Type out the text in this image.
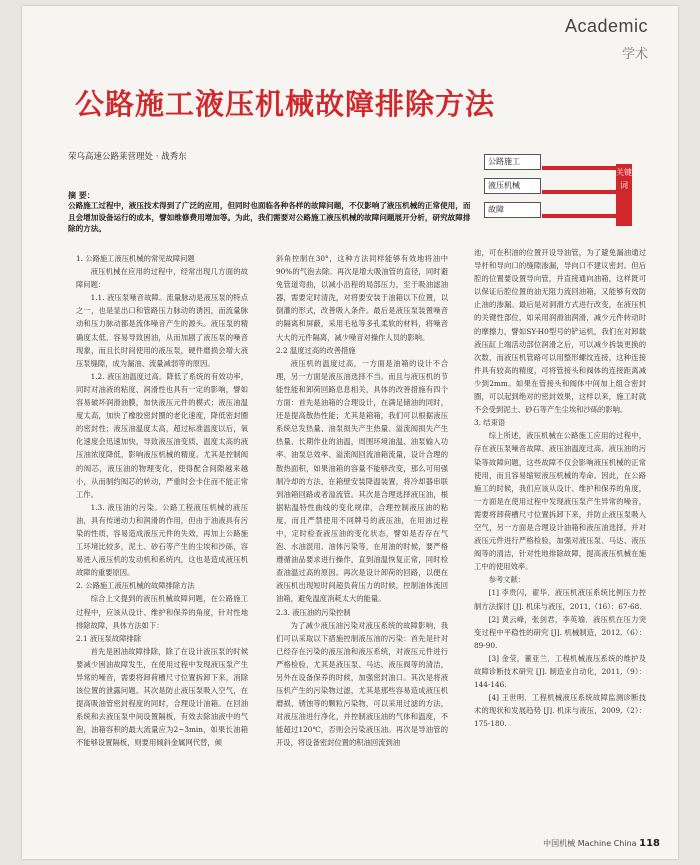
Academic
学术
公路施工液压机械故障排除方法
荣乌高速公路莱营理处 · 战秀东	公路施工
液压机械
故障
关键词
摘 要：
公路施工过程中，液压技术得到了广泛的应用，但同时也面临各种各样的故障问题，不仅影响了液压机械的正常使用，而且会增加设备运行的成本，譬如维修费用增加等。为此，我们需要对公路施工液压机械的故障问题展开分析，研究故障排除的方法。

1. 公路施工液压机械的常见故障问题

液压机械在应用的过程中，经常出现几方面的故障问题：

1.1. 液压泵噪音故障。流量脉动是液压泵的特点之一，也是显出口和管路压力脉动的诱因，而流量脉动和压力脉动都是流体噪音产生的源头。液压泵的精确度太低、容易导致困油，从而加剧了液压泵的噪音现象，而且长时间使用的液压泵，硬件磨损会增大液压泵缝隙，成为漏油、流量减弱等的原因。

1.2. 液压油温度过高。降低了系统的有效功率，同时对油液的粘度、润滑性也具有一定的影响，譬如容易破坏润滑油膜，加快液压元件的模式；液压油温度太高，加快了橡胶密封圈的老化速度，降低密封圈的密封性；液压油温度太高，超过标准温度以后，氧化速度会迅速加快，导致液压油变质，温度太高的液压油浓度降低，影响液压机械的精度。尤其是控制阀的阀芯，液压油的物理变化，使得配合间隙越来越小，从而制约阀芯的转动，严重时会卡住而不能正常工作。

1.3. 液压油的污染。公路工程液压机械的液压油，具有传递动力和润滑的作用，但由于油液具有污染的性质，容易造成液压元件的失效，再加上公路施工环境比较多，泥土、砂石等产生的尘埃和沙砾，容易进入液压机的发动机和系统内，这也是造成液压机故障的重要原因。

2. 公路施工液压机械的故障排除方法

综合上文提到的液压机械故障问题，在公路施工过程中，应该从设计、维护和保养的角度，针对性地排除故障，具体方法如下：

2.1 液压泵故障排除

首先是困油故障排除，除了在设计液压泵的时候要减少困油故障发生，在使用过程中发现液压泵产生异常的噪音，需要将卸荷槽尺寸位置拆卸下来，消除该位置的泄露问题。其次是防止液压泵吸入空气，在提高吸油管密封程度的同时，合理设计油箱。在回油系统和去液压泵中间设置隔板，有效去除油液中的气泡，油箱容积的最大流量应为2~3min，如果长油箱不能够设置隔板，则要用倾斜金属网代替，倾

斜角控制在30°，这种方法同样能够有效地将油中90%的气泡去除。再次是增大吸油管的直径，同时避免管道弯曲，以减小沿程的局部压力，至于吸油滤油器，需要定时清洗，对将要安装于油箱以下位置，以倒灌的形式，改善吸入条件。最后是液压泵装置噪音的隔离和屏蔽，采用毛毡等多孔柔软的材料，将噪音大大的元件隔离，减少噪音对操作人员的影响。

2.2 温度过高的改善措施

液压机的温度过高，一方面是油箱的设计不合理，另一方面是液压油选择不当。而且与液压机的节能性能和卸荷回路息息相关，具体的改善措施有四个方面：首先是油箱的合理设计，在满足储油的同时，还是提高散热性能；尤其是箱箱，我们可以根据液压系统总发热量、油泵损失产生热量、溢流阀损失产生热量、长期作业的油温，周围环境油温、油泵输入功率、油泵总效率、溢流阀回流油箱流量，设计合理的散热面积，如果油箱的容量不能够改变，那么可用强制冷却的方法，在箱壁安装降温装置，将冷却器串联到油箱回路或者溢流管。其次是合理选择液压油，根据粘温特性曲线的变化规律，合理控制液压油的粘度，而且严禁使用不同牌号的液压油，在用油过程中，定时检查液压油的变化状态，譬如是否存在气泡、水油混用、油体污染等，在用油的时候，要严格遵循油品要求进行操作，直到油温恢复正常，同时检查油温过高的原因。再次是设计卸荷的回路，以便在液压机出现短时间超负荷压力的时候，控制油体流回油箱，避免温度消耗太大的能量。

2.3. 液压油的污染控制

为了减少液压油污染对液压系统的故障影响，我们可以采取以下措施控制液压油的污染：首先是针对已经存在污染的液压油和液压系统，对液压元件进行严格检验，尤其是液压泵、马达、液压阀等的清洁，另外在设备保养的时候，加强密封油口。其次是将液压机产生的污染物过滤，尤其是那些容易造成液压机磨损、锈蚀等的颗粒污染物，可以采用过滤的方法，对液压油进行净化，并控制液压油的气体和温度，不能超过120℃，否则会污染液压油。再次是导油管的开设，将设备密封位置的积油回流到油

池，可在积油的位置开设导油管，为了避免漏油通过导杆和导向口的缝隙渗漏，导向口不建议密封。但后腔的位置要设置导向管，并直接通向油箱，这样既可以保证后腔位置的油无阻力流回油箱，又能够有效防止油的渗漏。最后是对洞滑方式进行改变，在液压机的关键性部位，如采用润滑油润滑，减少元件转动时的摩擦力，譬如SY-H0型号的铲运机，我们在对卸载液压缸上端活动部位润滑之后，可以减少拆装更换的次数，而液压机管路可以用整形螺纹连接，这种连接件具有较高的精度，可将管接头和阀体的连接距离减少到2mm。如果在管接头和阀体中间加上组合密封圈，可以起到绝对的密封效果，这样以来，施工时就不会受到泥土、砂石等产生尘埃和沙砾的影响。

3. 结束语

综上所述，液压机械在公路施工应用的过程中，存在液压泵噪音故障、液压油温度过高、液压油的污染等故障问题，这些故障不仅会影响液压机械的正常使用，而且容易缩短液压机械的寿命。因此，在公路施工的时候，我们应该从设计、维护和保养的角度，一方面是在使用过程中发现液压泵产生异常的噪音，需要将卸荷槽尺寸位置拆卸下来，并防止液压泵吸入空气，另一方面是合理设计油箱和液压油选择，并对液压元件进行严格检验，加强对液压泵、马达、液压阀等的清洁，针对性地排除故障，提高液压机械在施工中的使用效率。

参考文献：

[1] 李贵闪，翟华．液压机液压系统比例压力控制方法探讨 [J]. 机床与液压，2011,（16）：67-68.

[2] 黄云峰，张剑君，李英瑜．液压机在压力突变过程中平稳性的研究 [J]. 机械制造，2012,（6）：89-90.

[3] 金莹，董亚兰．工程机械液压系统的维护及故障诊断技术研究 [J]. 制造业自动化，2011,（9）：144-146.

[4] 王世明．工程机械液压系统故障监测诊断技术的现状和发展趋势 [J]. 机床与液压，2009,（2）：175-180.

中国机械 Machine China 118
